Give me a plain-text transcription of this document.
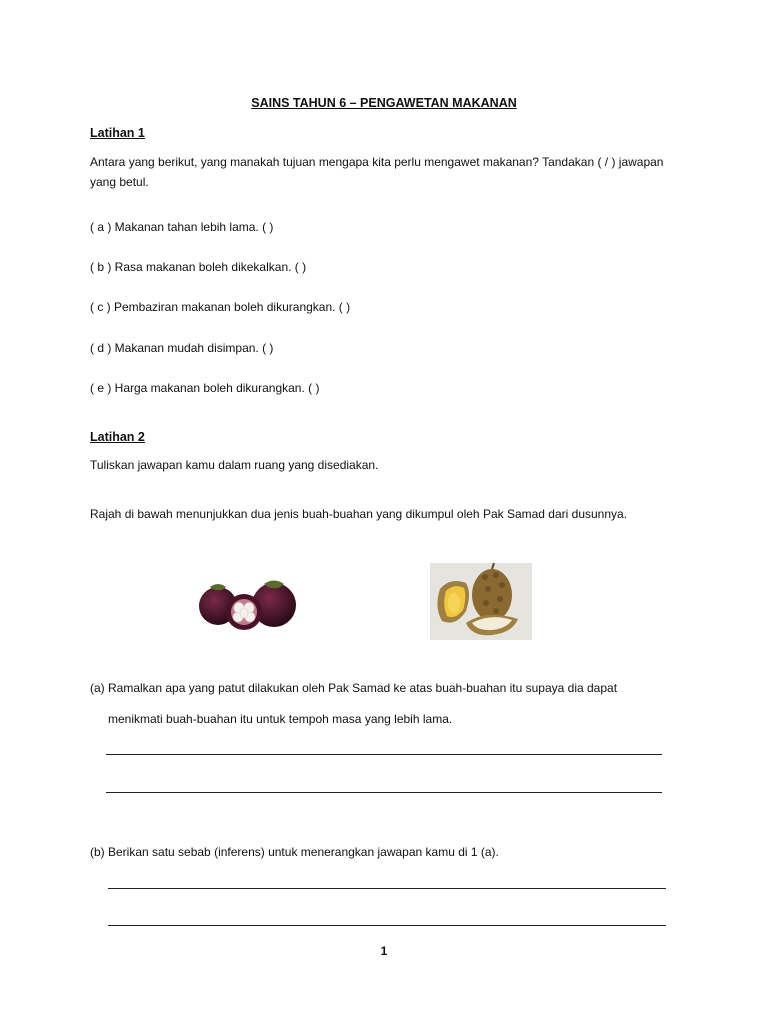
SAINS TAHUN 6 – PENGAWETAN MAKANAN
Latihan 1
Antara yang berikut, yang manakah tujuan mengapa kita perlu mengawet makanan? Tandakan ( / ) jawapan yang betul.
( a ) Makanan tahan lebih lama. ( )
( b ) Rasa makanan boleh dikekalkan. ( )
( c ) Pembaziran makanan boleh dikurangkan. ( )
( d ) Makanan mudah disimpan. ( )
( e ) Harga makanan boleh dikurangkan. ( )
Latihan 2
Tuliskan jawapan kamu dalam ruang yang disediakan.
Rajah di bawah menunjukkan dua jenis buah-buahan yang dikumpul oleh Pak Samad dari dusunnya.
(a) Ramalkan apa yang patut dilakukan oleh Pak Samad ke atas buah-buahan itu supaya dia dapat
menikmati buah-buahan itu untuk tempoh masa yang lebih lama.
(b) Berikan satu sebab (inferens) untuk menerangkan jawapan kamu di 1 (a).
1
